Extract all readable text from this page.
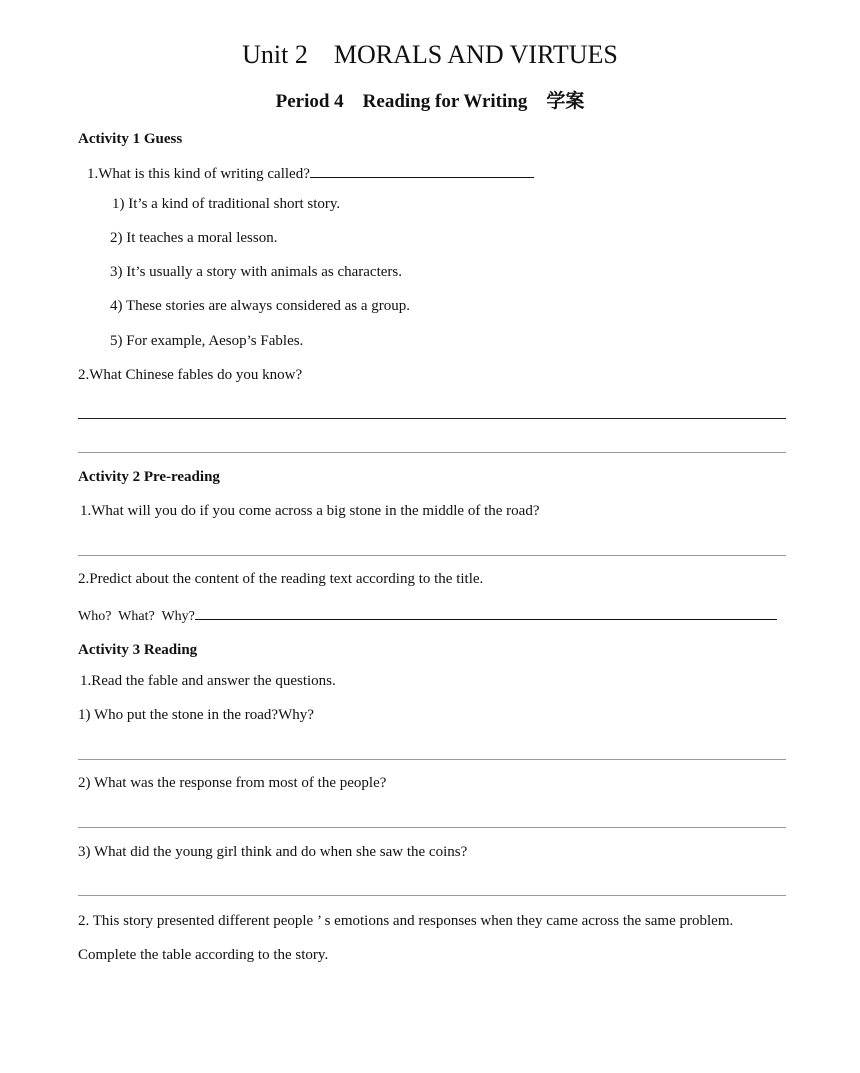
Unit 2    MORALS AND VIRTUES
Period 4    Reading for Writing    学案
Activity 1 Guess
1.What is this kind of writing called?
1) It’s a kind of traditional short story.
2) It teaches a moral lesson.
3) It’s usually a story with animals as characters.
4) These stories are always considered as a group.
5) For example, Aesop’s Fables.
2.What Chinese fables do you know?
Activity 2 Pre-reading
1.What will you do if you come across a big stone in the middle of the road?
2.Predict about the content of the reading text according to the title.
Who?  What?  Why?
Activity 3 Reading
1.Read the fable and answer the questions.
1) Who put the stone in the road?Why?
2) What was the response from most of the people?
3) What did the young girl think and do when she saw the coins?
2. This story presented different people ’ s emotions and responses when they came across the same problem.
Complete the table according to the story.
